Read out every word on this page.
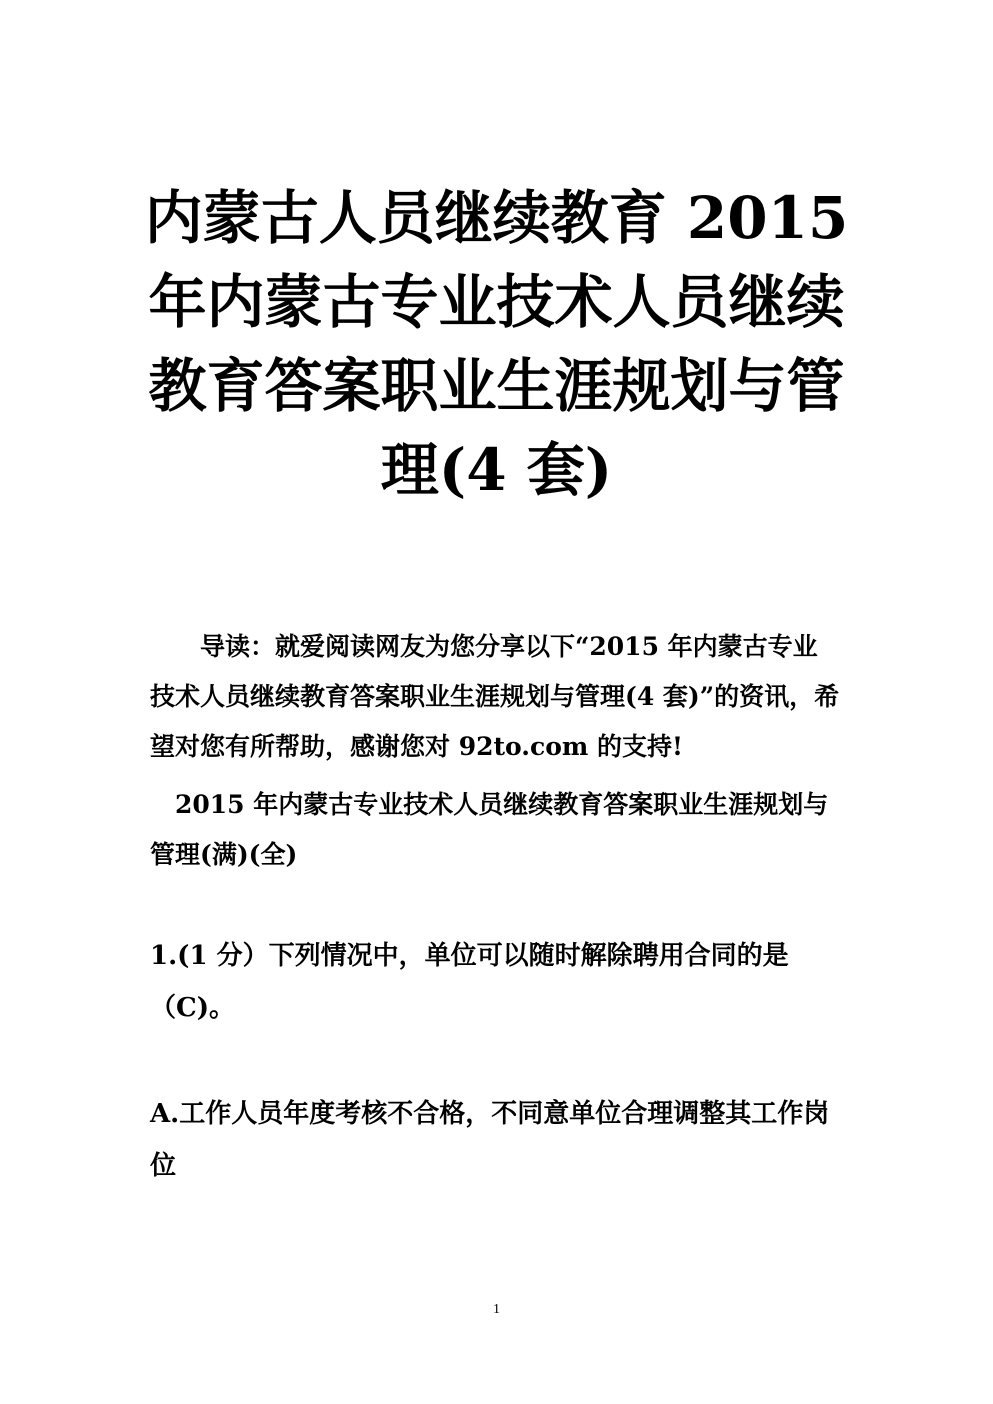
内蒙古人员继续教育 2015 年内蒙古专业技术人员继续教育答案职业生涯规划与管理(4 套)

导读：就爱阅读网友为您分享以下“2015 年内蒙古专业技术人员继续教育答案职业生涯规划与管理(4 套)”的资讯，希望对您有所帮助，感谢您对 92to.com 的支持!

2015 年内蒙古专业技术人员继续教育答案职业生涯规划与管理(满)(全)

1.(1 分）下列情况中，单位可以随时解除聘用合同的是（C)。

A.工作人员年度考核不合格，不同意单位合理调整其工作岗位

1
